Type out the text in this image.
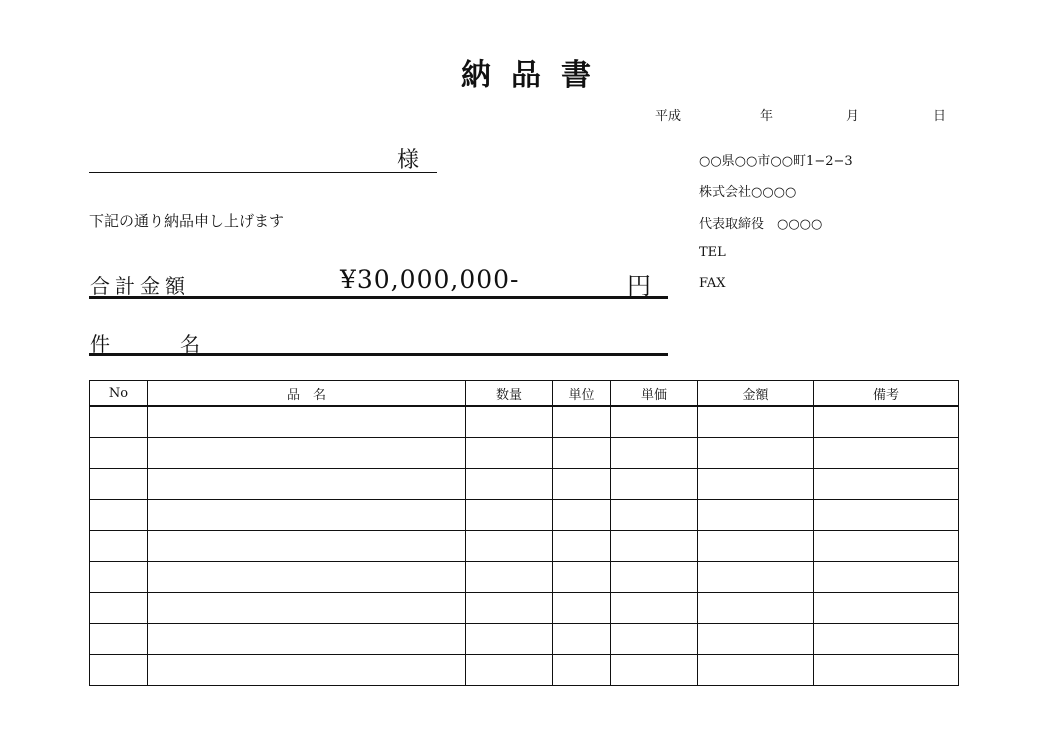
納品書
平成	年	月	日
様
下記の通り納品申し上げます
合計金額	¥30,000,000-	円
件	名
○○県○○市○○町1−2−3
株式会社○○○○
代表取締役　○○○○
TEL
FAX
No	品　名	数量	単位	単価	金額	備考
